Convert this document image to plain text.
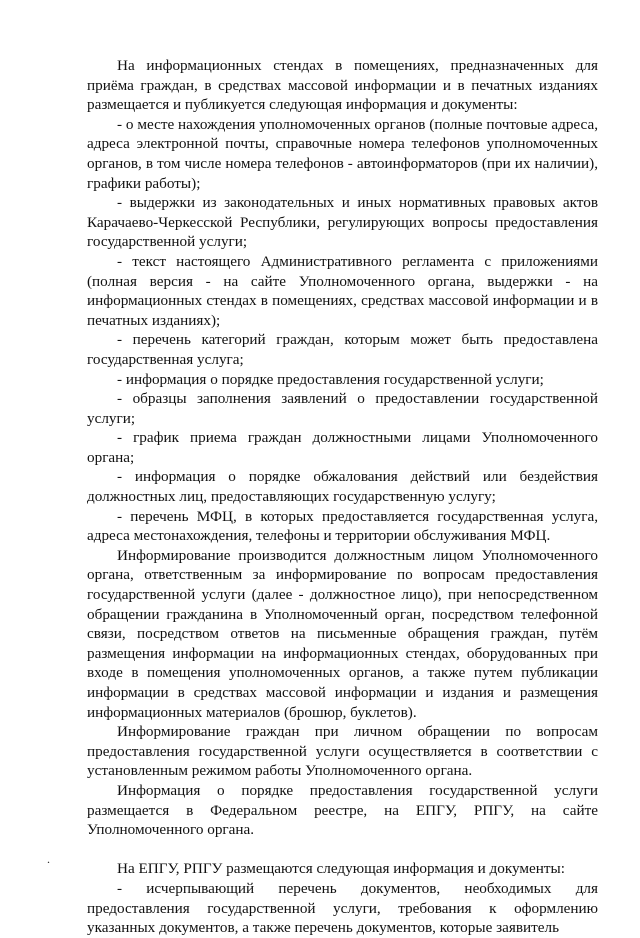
На информационных стендах в помещениях, предназначенных для приёма граждан, в средствах массовой информации и в печатных изданиях размещается и публикуется следующая информация и документы:

- о месте нахождения уполномоченных органов (полные почтовые адреса, адреса электронной почты, справочные номера телефонов уполномоченных органов, в том числе номера телефонов - автоинформаторов (при их наличии), графики работы);

- выдержки из законодательных и иных нормативных правовых актов Карачаево-Черкесской Республики, регулирующих вопросы предоставления государственной услуги;

- текст настоящего Административного регламента с приложениями (полная версия - на сайте Уполномоченного органа, выдержки - на информационных стендах в помещениях, средствах массовой информации и в печатных изданиях);

- перечень категорий граждан, которым может быть предоставлена государственная услуга;

- информация о порядке предоставления государственной услуги;

- образцы заполнения заявлений о предоставлении государственной услуги;

- график приема граждан должностными лицами Уполномоченного органа;

- информация о порядке обжалования действий или бездействия должностных лиц, предоставляющих государственную услугу;

- перечень МФЦ, в которых предоставляется государственная услуга, адреса местонахождения, телефоны и территории обслуживания МФЦ.

Информирование производится должностным лицом Уполномоченного органа, ответственным за информирование по вопросам предоставления государственной услуги (далее - должностное лицо), при непосредственном обращении гражданина в Уполномоченный орган, посредством телефонной связи, посредством ответов на письменные обращения граждан, путём размещения информации на информационных стендах, оборудованных при входе в помещения уполномоченных органов, а также путем публикации информации в средствах массовой информации и издания и размещения информационных материалов (брошюр, буклетов).

Информирование граждан при личном обращении по вопросам предоставления государственной услуги осуществляется в соответствии с установленным режимом работы Уполномоченного органа.

Информация о порядке предоставления государственной услуги размещается в Федеральном реестре, на ЕПГУ, РПГУ, на сайте Уполномоченного органа.

На ЕПГУ, РПГУ размещаются следующая информация и документы:

- исчерпывающий перечень документов, необходимых для предоставления государственной услуги, требования к оформлению указанных документов, а также перечень документов, которые заявитель

.
